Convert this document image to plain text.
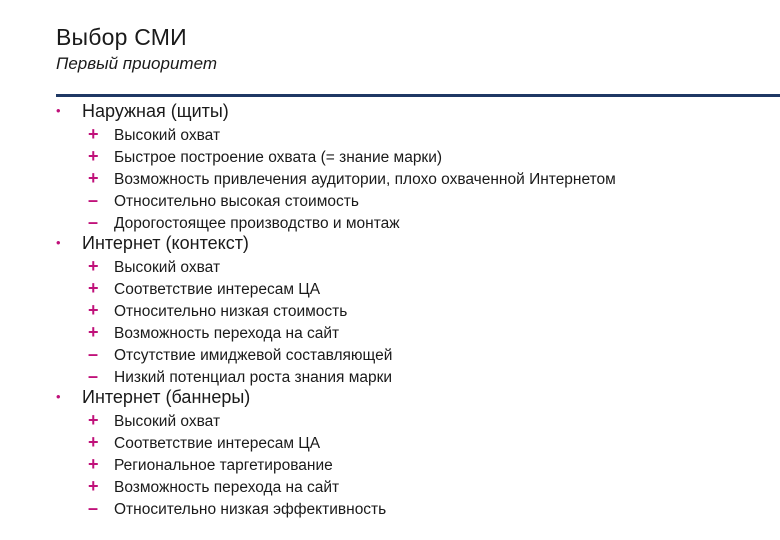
Выбор СМИ
Первый приоритет
•	Наружная (щиты)
+ Высокий охват
+ Быстрое построение охвата (= знание марки)
+ Возможность привлечения аудитории, плохо охваченной Интернетом
–	Относительно высокая стоимость
–	Дорогостоящее производство и монтаж
•	Интернет (контекст)
+ Высокий охват
+ Соответствие интересам ЦА
+ Относительно низкая стоимость
+ Возможность перехода на сайт
–	Отсутствие имиджевой составляющей
–	Низкий потенциал роста знания марки
•	Интернет (баннеры)
+ Высокий охват
+ Соответствие интересам ЦА
+ Региональное таргетирование
+ Возможность перехода на сайт
–	Относительно низкая эффективность
